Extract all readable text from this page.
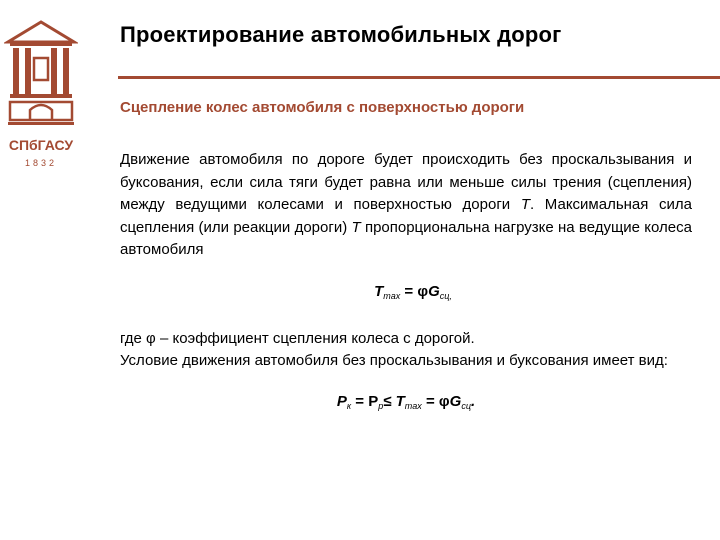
СПбГАСУ
1832
Проектирование автомобильных дорог
Сцепление колес автомобиля с поверхностью дороги

Движение автомобиля по дороге будет происходить без проскальзывания и буксования, если сила тяги будет равна или меньше силы трения (сцепления) между ведущими колесами и поверхностью дороги Т. Максимальная сила сцепления (или реакции дороги) Т пропорциональна нагрузке на ведущие колеса автомобиля

$T_{max} = \varphi G_{сц,}$

где φ – коэффициент сцепления колеса с дорогой.

Условие движения автомобиля без проскальзывания и буксования имеет вид:

$P_к = P_р\le T_{max} = \varphi G_{сц}$.
